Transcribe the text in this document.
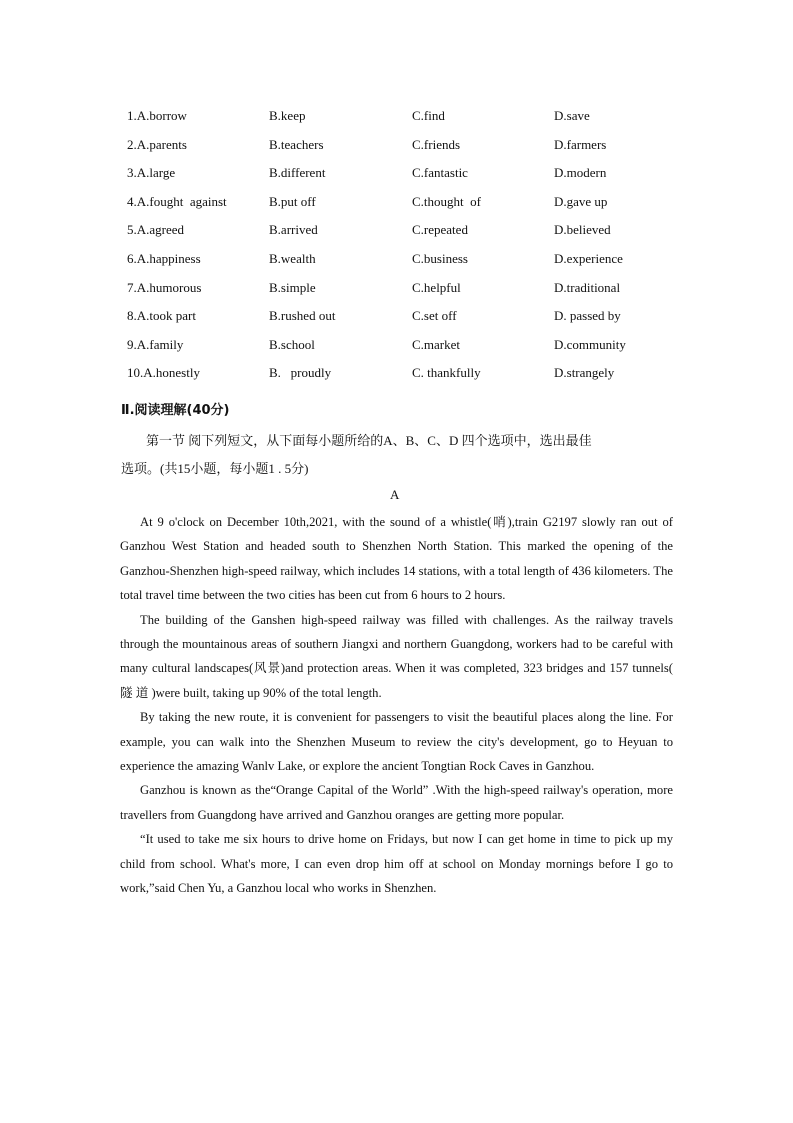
1.A.borrow	B.keep	C.find	D.save
2.A.parents	B.teachers	C.friends	D.farmers
3.A.large	B.different	C.fantastic	D.modern
4.A.fought  against	B.put off	C.thought  of	D.gave up
5.A.agreed	B.arrived	C.repeated	D.believed
6.A.happiness	B.wealth	C.business	D.experience
7.A.humorous	B.simple	C.helpful	D.traditional
8.A.took part	B.rushed out	C.set off	D. passed by
9.A.family	B.school	C.market	D.community
10.A.honestly	B.   proudly	C. thankfully	D.strangely
Ⅱ.阅读理解(40分)
第一节 阅下列短文，从下面每小题所给的A、B、C、D 四个选项中，选出最佳
选项。(共15小题，每小题1 . 5分)
A

At 9 o'clock on December 10th,2021, with the sound of a whistle(哨),train G2197 slowly ran out of Ganzhou West Station and headed south to Shenzhen North Station. This marked the opening of the Ganzhou-Shenzhen high-speed railway, which includes 14 stations, with a total length of 436 kilometers. The total travel time between the two cities has been cut from 6 hours to 2 hours.

The building of the Ganshen high-speed railway was filled with challenges. As the railway travels through the mountainous areas of southern Jiangxi and northern Guangdong, workers had to be careful with many cultural landscapes(风景)and protection areas. When it was completed, 323 bridges and 157 tunnels( 隧 道 )were built, taking up 90% of the total length.

By taking the new route, it is convenient for passengers to visit the beautiful places along the line. For example, you can walk into the Shenzhen Museum to review the city's development, go to Heyuan to experience the amazing Wanlv Lake, or explore the ancient Tongtian Rock Caves in Ganzhou.

Ganzhou is known as the“Orange Capital of the World” .With the high-speed railway's operation, more travellers from Guangdong have arrived and Ganzhou oranges are getting more popular.

“It used to take me six hours to drive home on Fridays, but now I can get home in time to pick up my child from school. What's more, I can even drop him off at school on Monday mornings before I go to work,”said Chen Yu, a Ganzhou local who works in Shenzhen.
